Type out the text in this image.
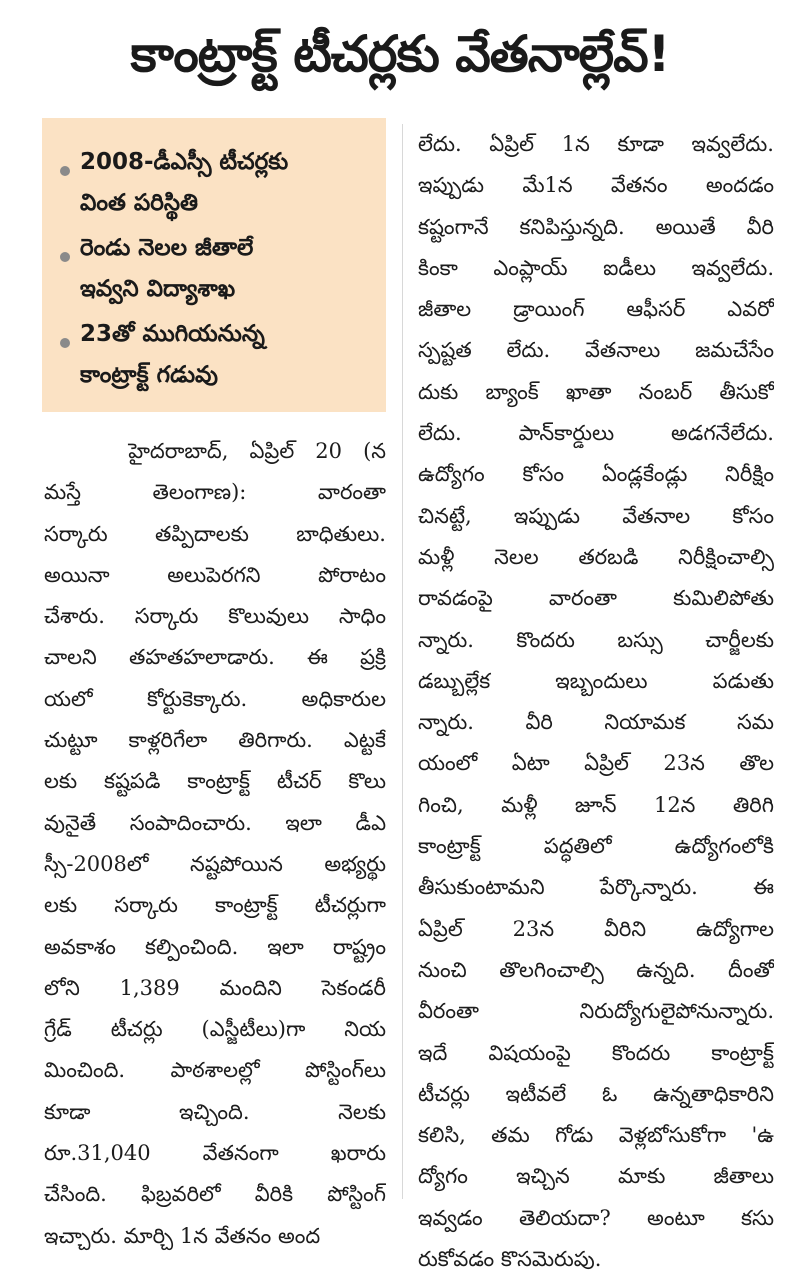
కాంట్రాక్ట్ టీచర్లకు వేతనాల్లేవ్!
2008-డీఎస్సీ టీచర్లకు
వింత పరిస్థితి
రెండు నెలల జీతాలే
ఇవ్వని విద్యాశాఖ
23తో ముగియనున్న
కాంట్రాక్ట్ గడువు
హైదరాబాద్, ఏప్రిల్ 20 (న
మస్తే తెలంగాణ): వారంతా
సర్కారు తప్పిదాలకు బాధితులు.
అయినా అలుపెరగని పోరాటం
చేశారు. సర్కారు కొలువులు సాధిం
చాలని తహతహలాడారు. ఈ ప్రక్రి
యలో కోర్టుకెక్కారు. అధికారుల
చుట్టూ కాళ్లరిగేలా తిరిగారు. ఎట్టకే
లకు కష్టపడి కాంట్రాక్ట్ టీచర్ కొలు
వునైతే సంపాదించారు. ఇలా డీఎ
స్సీ-2008లో నష్టపోయిన అభ్యర్థు
లకు సర్కారు కాంట్రాక్ట్ టీచర్లుగా
అవకాశం కల్పించింది. ఇలా రాష్ట్రం
లోని 1,389 మందిని సెకండరీ
గ్రేడ్ టీచర్లు (ఎస్జీటీలు)గా నియ
మించింది. పాఠశాలల్లో పోస్టింగ్‌లు
కూడా ఇచ్చింది. నెలకు
రూ.31,040 వేతనంగా ఖరారు
చేసింది. ఫిబ్రవరిలో వీరికి పోస్టింగ్
ఇచ్చారు. మార్చి 1న వేతనం అంద
లేదు. ఏప్రిల్ 1న కూడా ఇవ్వలేదు.
ఇప్పుడు మే1న వేతనం అందడం
కష్టంగానే కనిపిస్తున్నది. అయితే వీరి
కింకా ఎంప్లాయ్ ఐడీలు ఇవ్వలేదు.
జీతాల డ్రాయింగ్ ఆఫీసర్ ఎవరో
స్పష్టత లేదు. వేతనాలు జమచేసేం
దుకు బ్యాంక్ ఖాతా నంబర్ తీసుకో
లేదు. పాన్‌కార్డులు అడగనేలేదు.
ఉద్యోగం కోసం ఏండ్లకేండ్లు నిరీక్షిం
చినట్టే, ఇప్పుడు వేతనాల కోసం
మళ్లీ నెలల తరబడి నిరీక్షించాల్సి
రావడంపై వారంతా కుమిలిపోతు
న్నారు. కొందరు బస్సు చార్జీలకు
డబ్బుల్లేక ఇబ్బందులు పడుతు
న్నారు. వీరి నియామక సమ
యంలో ఏటా ఏప్రిల్ 23న తొల
గించి, మళ్లీ జూన్ 12న తిరిగి
కాంట్రాక్ట్ పద్ధతిలో ఉద్యోగంలోకి
తీసుకుంటామని పేర్కొన్నారు. ఈ
ఏప్రిల్ 23న వీరిని ఉద్యోగాల
నుంచి తొలగించాల్సి ఉన్నది. దీంతో
వీరంతా నిరుద్యోగులైపోనున్నారు.
ఇదే విషయంపై కొందరు కాంట్రాక్ట్
టీచర్లు ఇటీవలే ఓ ఉన్నతాధికారిని
కలిసి, తమ గోడు వెళ్లబోసుకోగా 'ఉ
ద్యోగం ఇచ్చిన మాకు జీతాలు
ఇవ్వడం తెలియదా? అంటూ కసు
రుకోవడం కొసమెరుపు.
